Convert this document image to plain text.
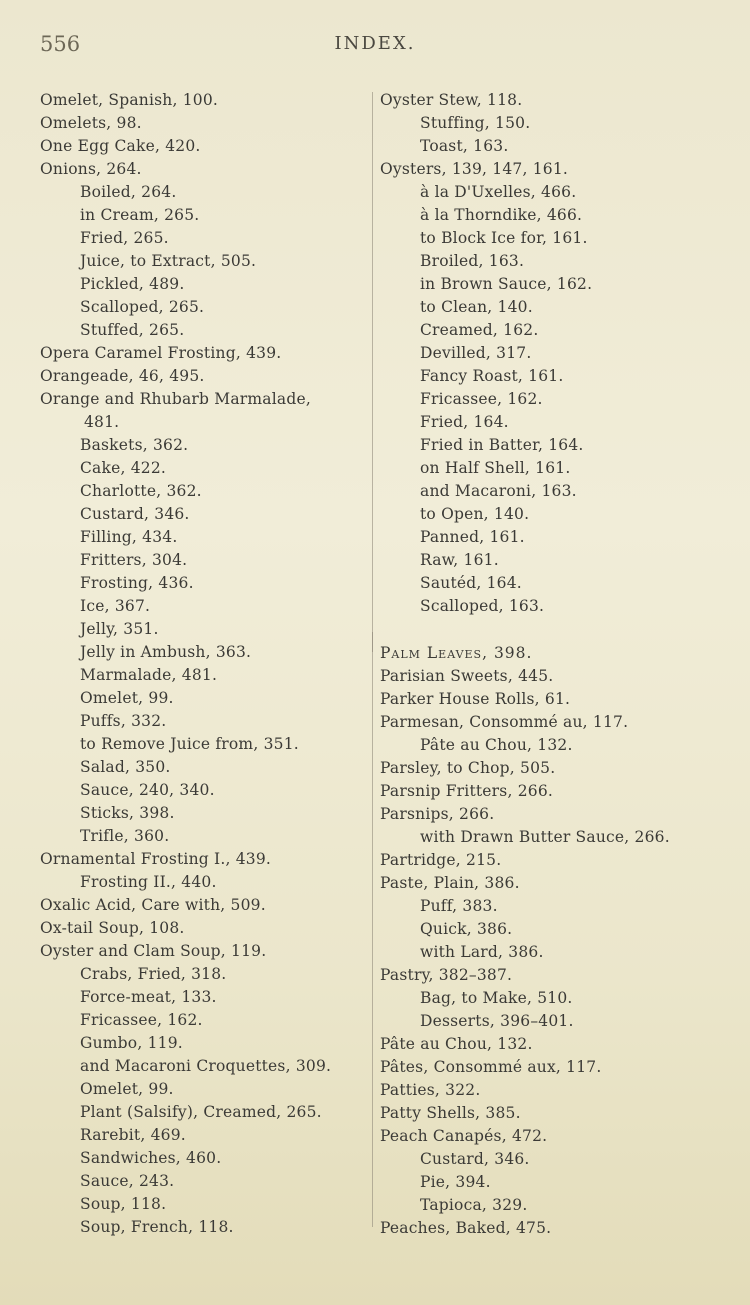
556	INDEX.
Omelet, Spanish, 100.
Omelets, 98.
One Egg Cake, 420.
Onions, 264.
Boiled, 264.
in Cream, 265.
Fried, 265.
Juice, to Extract, 505.
Pickled, 489.
Scalloped, 265.
Stuffed, 265.
Opera Caramel Frosting, 439.
Orangeade, 46, 495.
Orange and Rhubarb Marmalade,
481.
Baskets, 362.
Cake, 422.
Charlotte, 362.
Custard, 346.
Filling, 434.
Fritters, 304.
Frosting, 436.
Ice, 367.
Jelly, 351.
Jelly in Ambush, 363.
Marmalade, 481.
Omelet, 99.
Puffs, 332.
to Remove Juice from, 351.
Salad, 350.
Sauce, 240, 340.
Sticks, 398.
Trifle, 360.
Ornamental Frosting I., 439.
Frosting II., 440.
Oxalic Acid, Care with, 509.
Ox-tail Soup, 108.
Oyster and Clam Soup, 119.
Crabs, Fried, 318.
Force-meat, 133.
Fricassee, 162.
Gumbo, 119.
and Macaroni Croquettes, 309.
Omelet, 99.
Plant (Salsify), Creamed, 265.
Rarebit, 469.
Sandwiches, 460.
Sauce, 243.
Soup, 118.
Soup, French, 118.
Oyster Stew, 118.
Stuffing, 150.
Toast, 163.
Oysters, 139, 147, 161.
à la D'Uxelles, 466.
à la Thorndike, 466.
to Block Ice for, 161.
Broiled, 163.
in Brown Sauce, 162.
to Clean, 140.
Creamed, 162.
Devilled, 317.
Fancy Roast, 161.
Fricassee, 162.
Fried, 164.
Fried in Batter, 164.
on Half Shell, 161.
and Macaroni, 163.
to Open, 140.
Panned, 161.
Raw, 161.
Sautéd, 164.
Scalloped, 163.
Palm Leaves, 398.
Parisian Sweets, 445.
Parker House Rolls, 61.
Parmesan, Consommé au, 117.
Pâte au Chou, 132.
Parsley, to Chop, 505.
Parsnip Fritters, 266.
Parsnips, 266.
with Drawn Butter Sauce, 266.
Partridge, 215.
Paste, Plain, 386.
Puff, 383.
Quick, 386.
with Lard, 386.
Pastry, 382–387.
Bag, to Make, 510.
Desserts, 396–401.
Pâte au Chou, 132.
Pâtes, Consommé aux, 117.
Patties, 322.
Patty Shells, 385.
Peach Canapés, 472.
Custard, 346.
Pie, 394.
Tapioca, 329.
Peaches, Baked, 475.
